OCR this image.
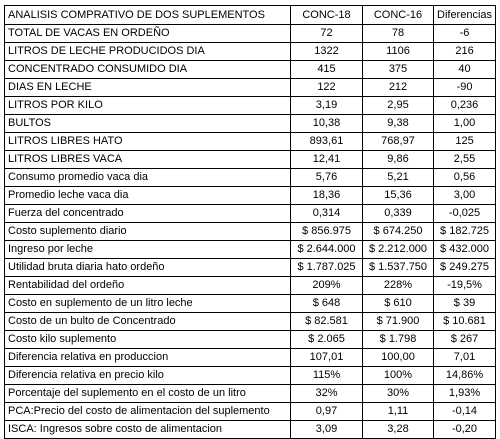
ANALISIS COMPRATIVO DE DOS SUPLEMENTOS	CONC-18	CONC-16	Diferencias
TOTAL DE VACAS EN ORDEÑO	72	78	-6
LITROS DE LECHE PRODUCIDOS DIA	1322	1106	216
CONCENTRADO CONSUMIDO DIA	415	375	40
DIAS EN LECHE	122	212	-90
LITROS POR KILO	3,19	2,95	0,236
BULTOS	10,38	9,38	1,00
LITROS LIBRES HATO	893,61	768,97	125
LITROS LIBRES VACA	12,41	9,86	2,55
Consumo promedio vaca dia	5,76	5,21	0,56
Promedio leche vaca dia	18,36	15,36	3,00
Fuerza del concentrado	0,314	0,339	-0,025
Costo suplemento diario	$ 856.975	$ 674.250	$ 182.725
Ingreso por leche	$ 2.644.000	$ 2.212.000	$ 432.000
Utilidad bruta diaria hato ordeño	$ 1.787.025	$ 1.537.750	$ 249.275
Rentabilidad del ordeño	209%	228%	-19,5%
Costo en suplemento de un litro leche	$ 648	$ 610	$ 39
Costo de un bulto de Concentrado	$ 82.581	$ 71.900	$ 10.681
Costo kilo suplemento	$ 2.065	$ 1.798	$ 267
Diferencia relativa en produccion	107,01	100,00	7,01
Diferencia relativa en precio kilo	115%	100%	14,86%
Porcentaje del suplemento en el costo de un litro	32%	30%	1,93%
PCA:Precio del costo de alimentacion del suplemento	0,97	1,11	-0,14
ISCA: Ingresos sobre costo de alimentacion	3,09	3,28	-0,20
